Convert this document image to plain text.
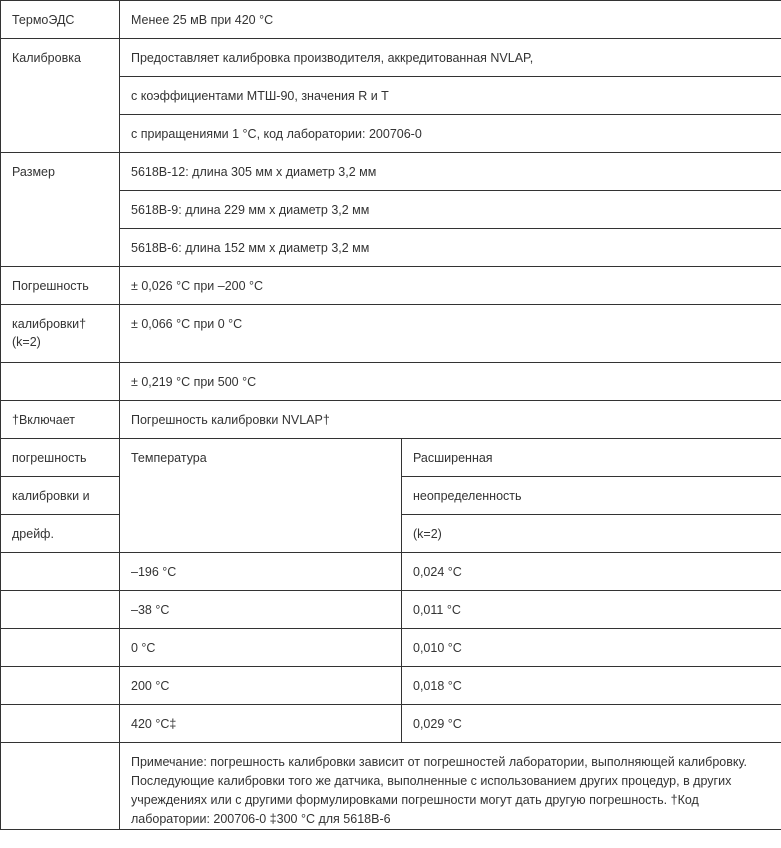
ТермоЭДС	Менее 25 мВ при 420 °C	

Калибровка	Предоставляет калибровка производителя, аккредитованная NVLAP,	

	с коэффициентами МТШ-90, значения R и T	

	с приращениями 1 °C, код лаборатории: 200706-0	

Размер	5618B-12: длина 305 мм x диаметр 3,2 мм	

	5618B-9: длина 229 мм x диаметр 3,2 мм	

	5618B-6: длина 152 мм x диаметр 3,2 мм	

Погрешность	± 0,026 °C при –200 °C	

калибровки†
(k=2)	± 0,066 °C при 0 °C	

	± 0,219 °C при 500 °C	

†Включает	Погрешность калибровки NVLAP†	

погрешность	Температура	Расширенная

калибровки и		неопределенность

дрейф.		(k=2)

	–196 °C	0,024 °C

	–38 °C	0,011 °C

	0 °C	0,010 °C

	200 °C	0,018 °C

	420 °C‡	0,029 °C

	Примечание: погрешность калибровки зависит от погрешностей лаборатории, выполняющей калибровку. Последующие калибровки того же датчика, выполненные с использованием других процедур, в других учреждениях или с другими формулировками погрешности могут дать другую погрешность. †Код лаборатории: 200706-0 ‡300 °C для 5618B-6	
